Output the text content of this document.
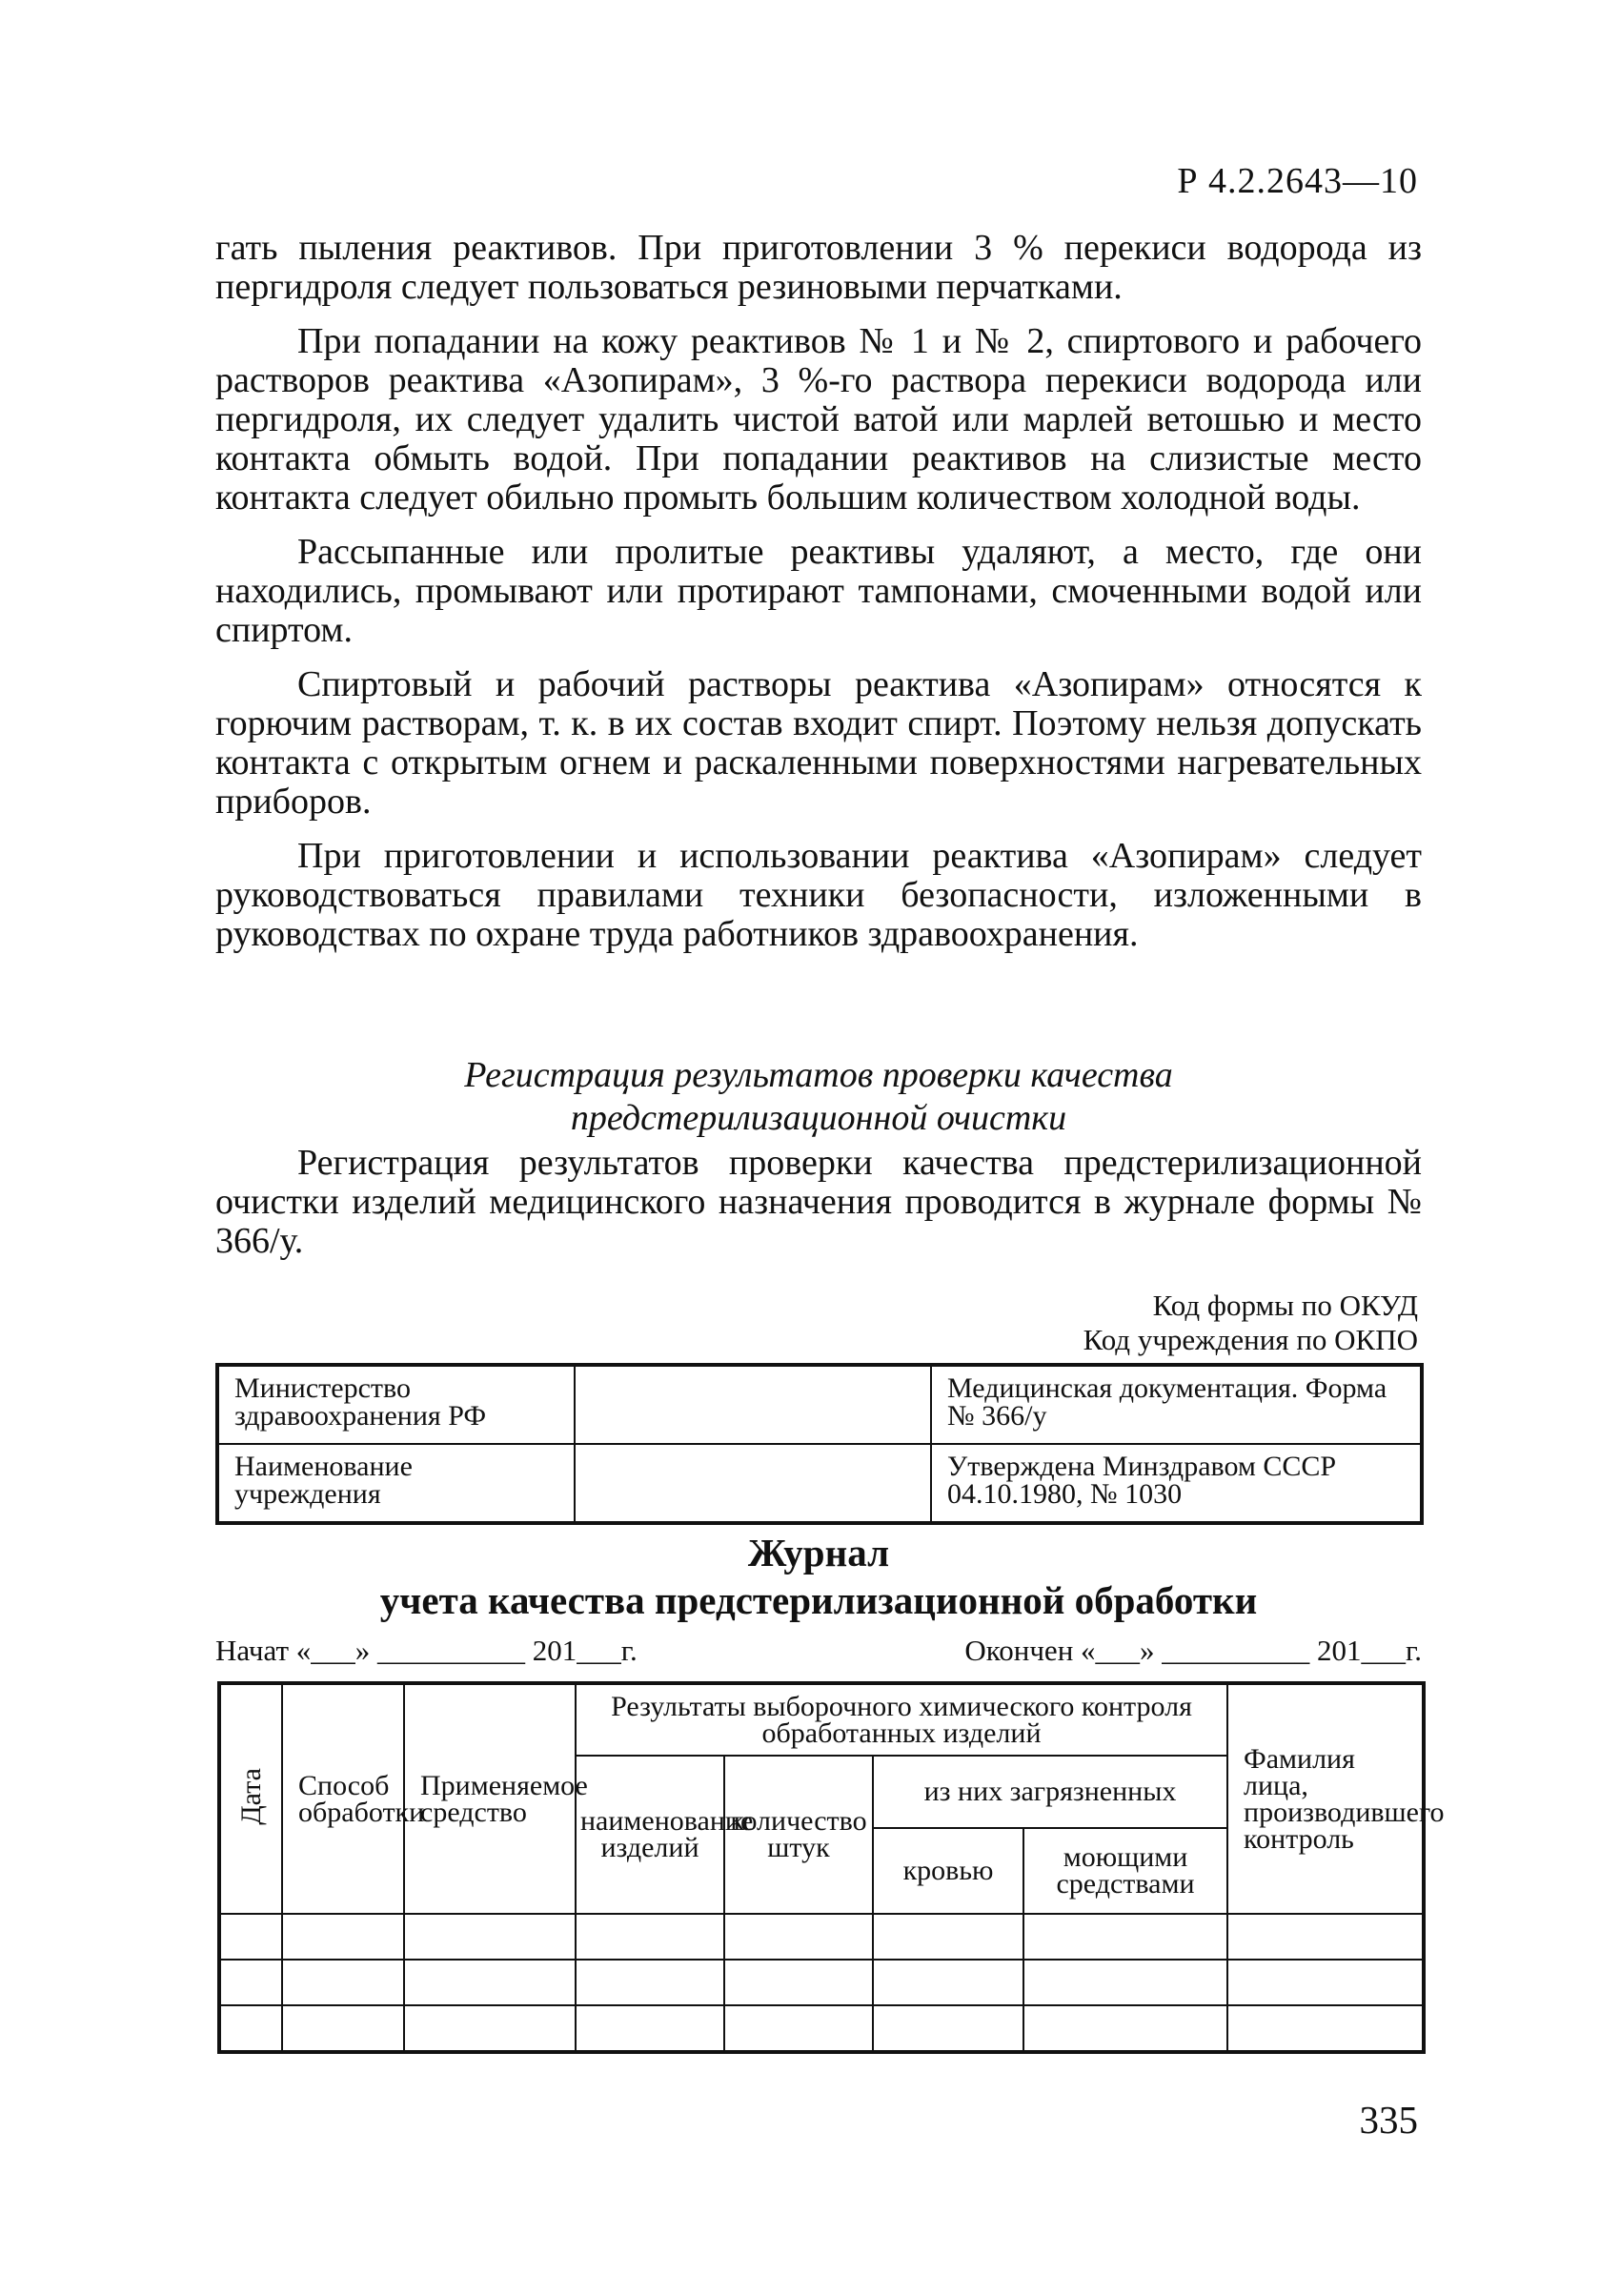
Р 4.2.2643—10

гать пыления реактивов. При приготовлении 3 % перекиси водорода из пергидроля следует пользоваться резиновыми перчатками.

При попадании на кожу реактивов № 1 и № 2, спиртового и рабочего растворов реактива «Азопирам», 3 %-го раствора перекиси водорода или пергидроля, их следует удалить чистой ватой или марлей ветошью и место контакта обмыть водой. При попадании реактивов на слизистые место контакта следует обильно промыть большим количеством холодной воды.

Рассыпанные или пролитые реактивы удаляют, а место, где они находились, промывают или протирают тампонами, смоченными водой или спиртом.

Спиртовый и рабочий растворы реактива «Азопирам» относятся к горючим растворам, т. к. в их состав входит спирт. Поэтому нельзя допускать контакта с открытым огнем и раскаленными поверхностями нагревательных приборов.

При приготовлении и использовании реактива «Азопирам» следует руководствоваться правилами техники безопасности, изложенными в руководствах по охране труда работников здравоохранения.

Регистрация результатов проверки качества
предстерилизационной очистки

Регистрация результатов проверки качества предстерилизационной очистки изделий медицинского назначения проводится в журнале формы № 366/у.

Код формы по ОКУД
Код учреждения по ОКПО
Министерство здравоохранения РФ		Медицинская документация. Форма № 366/у
Наименование учреждения		Утверждена Минздравом СССР 04.10.1980, № 1030
Журнал
учета качества предстерилизационной обработки
Начат «___» __________ 201___г.	Окончен «___» __________ 201___г.
Дата	Способ обработки	Применяемое средство	Результаты выборочного химического контроля обработанных изделий				Фамилия лица, производившего контроль
			наименование изделий	количество штук	из них загрязненных		
					кровью	моющими средствами	

335
